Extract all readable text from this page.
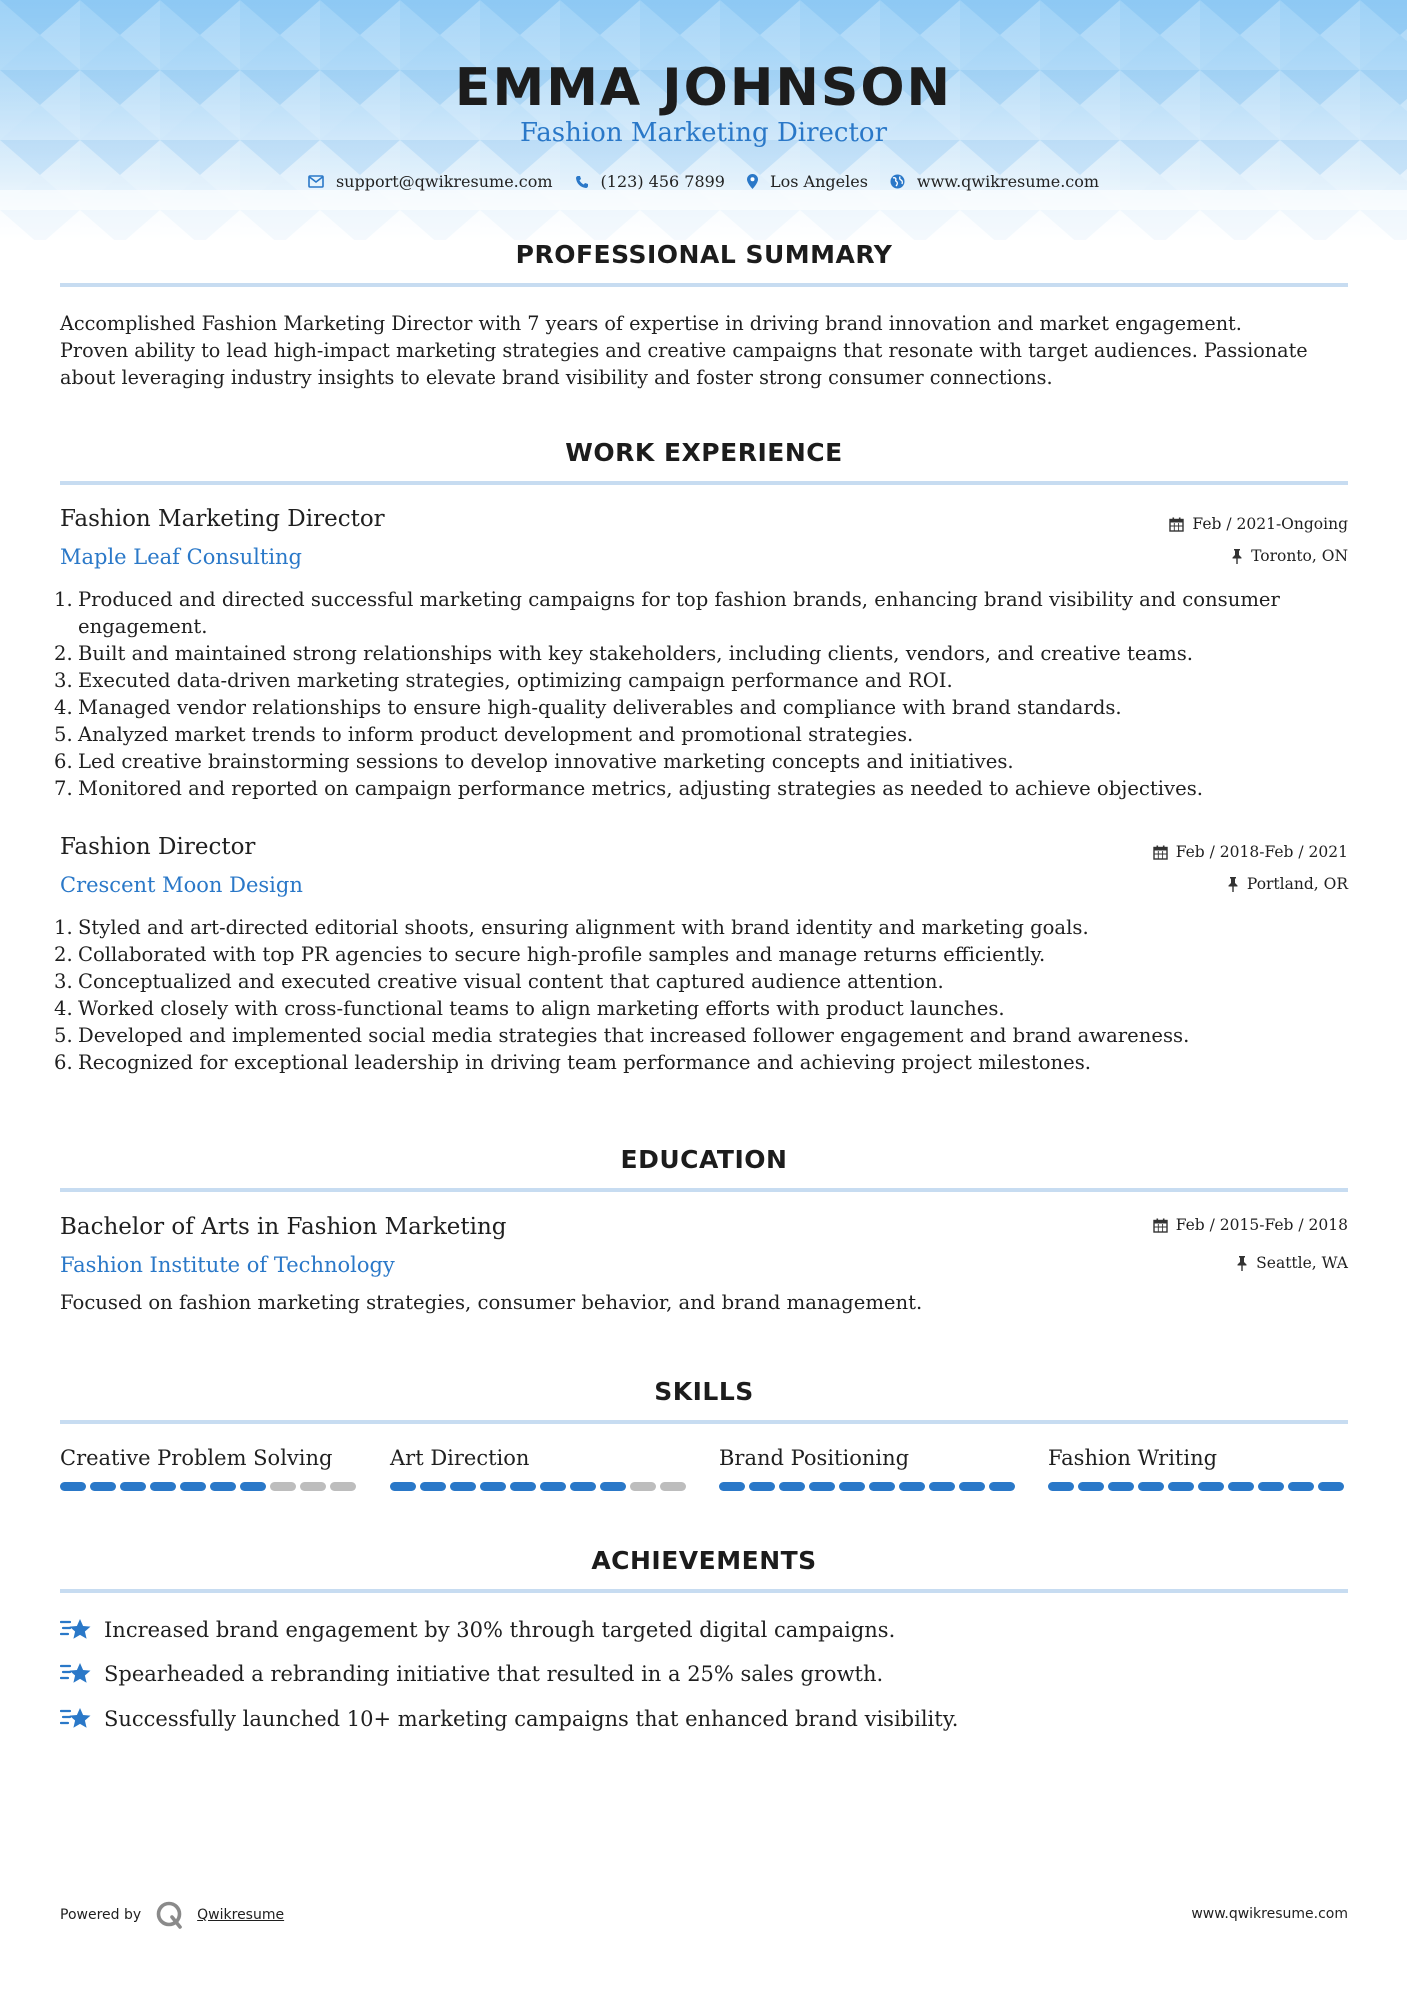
EMMA JOHNSON
Fashion Marketing Director
support@qwikresume.com	(123) 456 7899	Los Angeles	www.qwikresume.com
PROFESSIONAL SUMMARY
Accomplished Fashion Marketing Director with 7 years of expertise in driving brand innovation and market engagement.
Proven ability to lead high-impact marketing strategies and creative campaigns that resonate with target audiences. Passionate
about leveraging industry insights to elevate brand visibility and foster strong consumer connections.
WORK EXPERIENCE
Fashion Marketing Director
Maple Leaf Consulting
Feb / 2021-Ongoing
Toronto, ON
1. Produced and directed successful marketing campaigns for top fashion brands, enhancing brand visibility and consumer
engagement.
2. Built and maintained strong relationships with key stakeholders, including clients, vendors, and creative teams.
3. Executed data-driven marketing strategies, optimizing campaign performance and ROI.
4. Managed vendor relationships to ensure high-quality deliverables and compliance with brand standards.
5. Analyzed market trends to inform product development and promotional strategies.
6. Led creative brainstorming sessions to develop innovative marketing concepts and initiatives.
7. Monitored and reported on campaign performance metrics, adjusting strategies as needed to achieve objectives.
Fashion Director
Crescent Moon Design
Feb / 2018-Feb / 2021
Portland, OR
1. Styled and art-directed editorial shoots, ensuring alignment with brand identity and marketing goals.
2. Collaborated with top PR agencies to secure high-profile samples and manage returns efficiently.
3. Conceptualized and executed creative visual content that captured audience attention.
4. Worked closely with cross-functional teams to align marketing efforts with product launches.
5. Developed and implemented social media strategies that increased follower engagement and brand awareness.
6. Recognized for exceptional leadership in driving team performance and achieving project milestones.
EDUCATION
Bachelor of Arts in Fashion Marketing
Fashion Institute of Technology
Feb / 2015-Feb / 2018
Seattle, WA
Focused on fashion marketing strategies, consumer behavior, and brand management.
SKILLS
Creative Problem Solving	Art Direction	Brand Positioning	Fashion Writing
ACHIEVEMENTS
Increased brand engagement by 30% through targeted digital campaigns.
Spearheaded a rebranding initiative that resulted in a 25% sales growth.
Successfully launched 10+ marketing campaigns that enhanced brand visibility.
Powered by	Qwikresume	www.qwikresume.com
